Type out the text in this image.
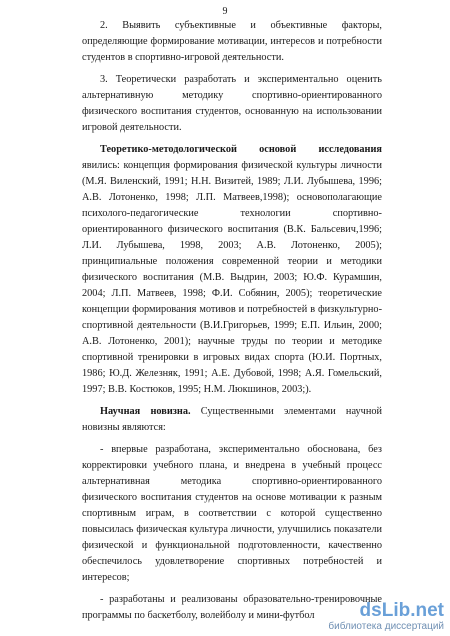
9

2. Выявить субъективные и объективные факторы, определяющие формирование мотивации, интересов и потребности студентов в спортивно-игровой деятельности.

3. Теоретически разработать и экспериментально оценить альтернативную методику спортивно-ориентированного физического воспитания студентов, основанную на использовании игровой деятельности.

Теоретико-методологической основой исследования явились: концепция формирования физической культуры личности (М.Я. Виленский, 1991; Н.Н. Визитей, 1989; Л.И. Лубышева, 1996; А.В. Лотоненко, 1998; Л.П. Матвеев,1998); основополагающие психолого-педагогические технологии спортивно-ориентированного физического воспитания (В.К. Бальсевич,1996; Л.И. Лубышева, 1998, 2003; А.В. Лотоненко, 2005); принципиальные положения современной теории и методики физического воспитания (М.В. Выдрин, 2003; Ю.Ф. Курамшин, 2004; Л.П. Матвеев, 1998; Ф.И. Собянин, 2005); теоретические концепции формирования мотивов и потребностей в физкультурно-спортивной деятельности (В.И.Григорьев, 1999; Е.П. Ильин, 2000; А.В. Лотоненко, 2001); научные труды по теории и методике спортивной тренировки в игровых видах спорта (Ю.И. Портных, 1986; Ю.Д. Железняк, 1991; А.Е. Дубовой, 1998; А.Я. Гомельский, 1997; В.В. Костюков, 1995; Н.М. Люкшинов, 2003;).

Научная новизна. Существенными элементами научной новизны являются:

- впервые разработана, экспериментально обоснована, без корректировки учебного плана, и внедрена в учебный процесс альтернативная методика спортивно-ориентированного физического воспитания студентов на основе мотивации к разным спортивным играм, в соответствии с которой существенно повысилась физическая культура личности, улучшились показатели физической и функциональной подготовленности, качественно обеспечилось удовлетворение спортивных потребностей и интересов;

- разработаны и реализованы образовательно-тренировочные программы по баскетболу, волейболу и мини-футбол	dsLib.net
библиотека диссертаций
